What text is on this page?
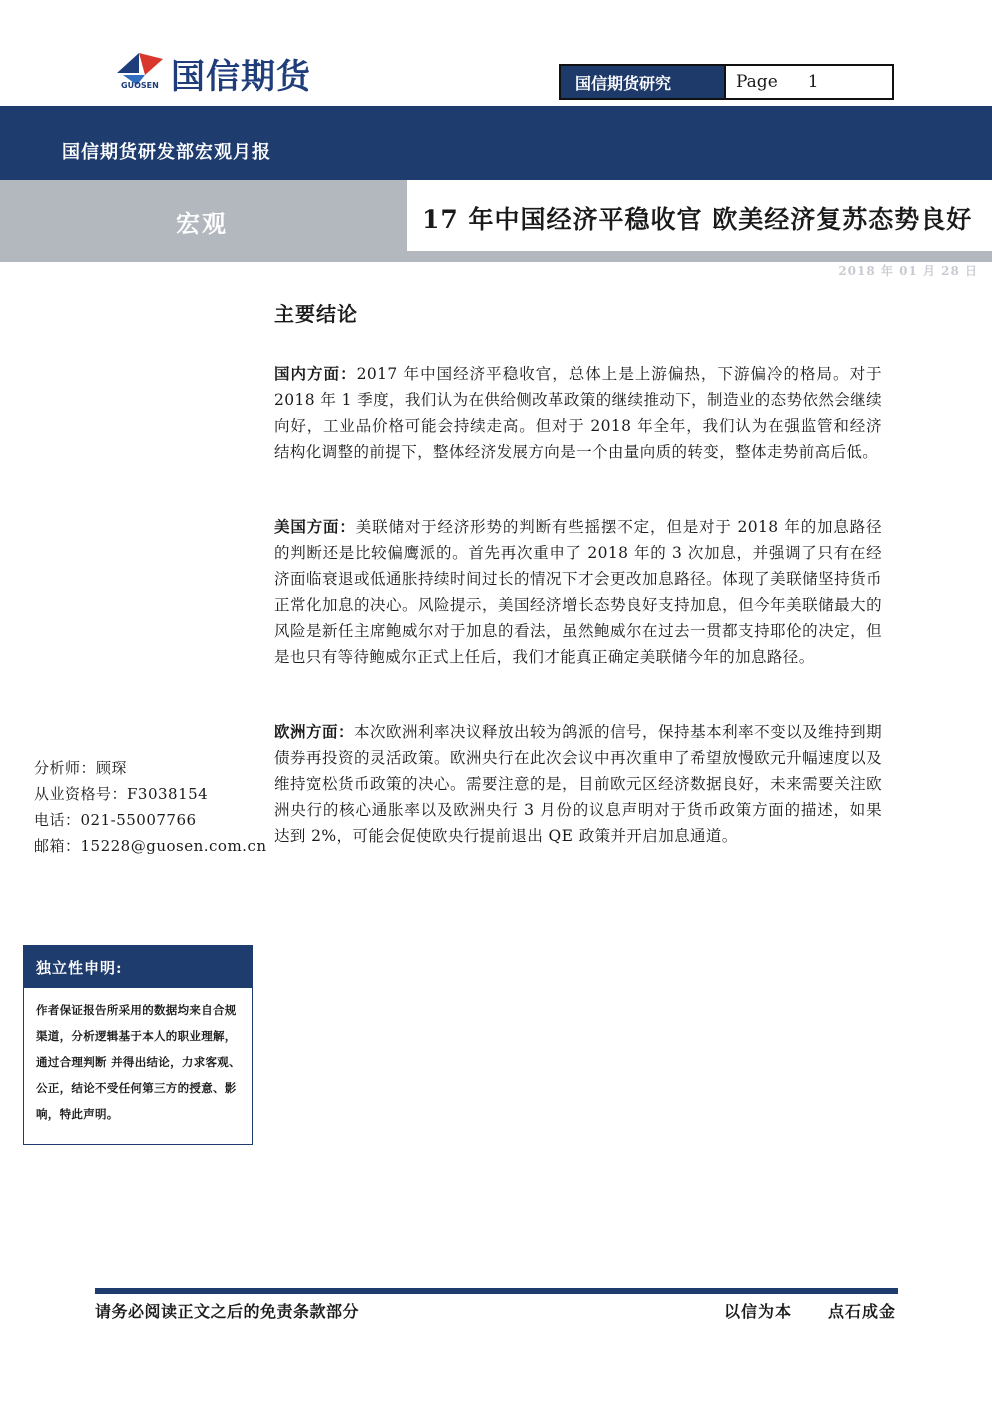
国信期货
GUOSEN	国信期货研究	Page 1
国信期货研发部宏观月报
宏观	17 年中国经济平稳收官 欧美经济复苏态势良好
2018 年 01 月 28 日
主要结论
国内方面：2017 年中国经济平稳收官，总体上是上游偏热，下游偏冷的格局。对于 2018 年 1 季度，我们认为在供给侧改革政策的继续推动下，制造业的态势依然会继续向好，工业品价格可能会持续走高。但对于 2018 年全年，我们认为在强监管和经济结构化调整的前提下，整体经济发展方向是一个由量向质的转变，整体走势前高后低。
美国方面：美联储对于经济形势的判断有些摇摆不定，但是对于 2018 年的加息路径的判断还是比较偏鹰派的。首先再次重申了 2018 年的 3 次加息，并强调了只有在经济面临衰退或低通胀持续时间过长的情况下才会更改加息路径。体现了美联储坚持货币正常化加息的决心。风险提示，美国经济增长态势良好支持加息，但今年美联储最大的风险是新任主席鲍威尔对于加息的看法，虽然鲍威尔在过去一贯都支持耶伦的决定，但是也只有等待鲍威尔正式上任后，我们才能真正确定美联储今年的加息路径。
欧洲方面：本次欧洲利率决议释放出较为鸽派的信号，保持基本利率不变以及维持到期债券再投资的灵活政策。欧洲央行在此次会议中再次重申了希望放慢欧元升幅速度以及维持宽松货币政策的决心。需要注意的是，目前欧元区经济数据良好，未来需要关注欧洲央行的核心通胀率以及欧洲央行 3 月份的议息声明对于货币政策方面的描述，如果达到 2%，可能会促使欧央行提前退出 QE 政策并开启加息通道。
分析师：顾琛
从业资格号：F3038154
电话：021-55007766
邮箱：15228@guosen.com.cn
独立性申明:
作者保证报告所采用的数据均来自合规渠道，分析逻辑基于本人的职业理解，通过合理判断 并得出结论，力求客观、公正，结论不受任何第三方的授意、影响，特此声明。
请务必阅读正文之后的免责条款部分	以信为本 点石成金
